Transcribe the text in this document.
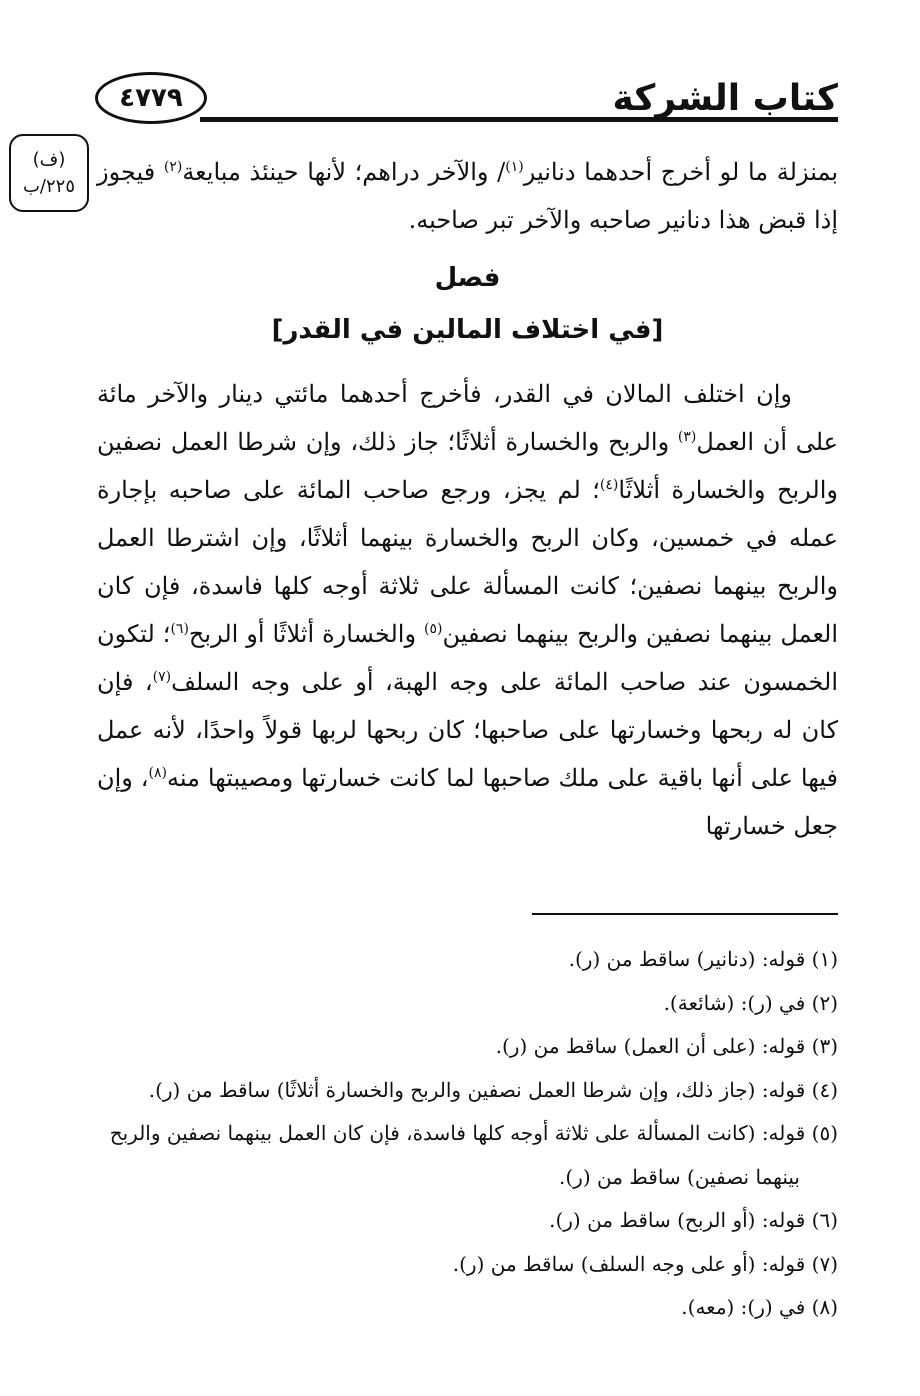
كتاب الشركة
٤٧٧٩
(ف)
٢٢٥/ب

بمنزلة ما لو أخرج أحدهما دنانير$^{(١)}$/ والآخر دراهم؛ لأنها حينئذ مبايعة$^{(٢)}$ فيجوز إذا قبض هذا دنانير صاحبه والآخر تبر صاحبه.

فصل
[في اختلاف المالين في القدر]

وإن اختلف المالان في القدر، فأخرج أحدهما مائتي دينار والآخر مائة على أن العمل$^{(٣)}$ والربح والخسارة أثلاثًا؛ جاز ذلك، وإن شرطا العمل نصفين والربح والخسارة أثلاثًا$^{(٤)}$؛ لم يجز، ورجع صاحب المائة على صاحبه بإجارة عمله في خمسين، وكان الربح والخسارة بينهما أثلاثًا، وإن اشترطا العمل والربح بينهما نصفين؛ كانت المسألة على ثلاثة أوجه كلها فاسدة، فإن كان العمل بينهما نصفين والربح بينهما نصفين$^{(٥)}$ والخسارة أثلاثًا أو الربح$^{(٦)}$؛ لتكون الخمسون عند صاحب المائة على وجه الهبة، أو على وجه السلف$^{(٧)}$، فإن كان له ربحها وخسارتها على صاحبها؛ كان ربحها لربها قولاً واحدًا، لأنه عمل فيها على أنها باقية على ملك صاحبها لما كانت خسارتها ومصيبتها منه$^{(٨)}$، وإن جعل خسارتها

(١) قوله: (دنانير) ساقط من (ر).

(٢) في (ر): (شائعة).

(٣) قوله: (على أن العمل) ساقط من (ر).

(٤) قوله: (جاز ذلك، وإن شرطا العمل نصفين والربح والخسارة أثلاثًا) ساقط من (ر).

(٥) قوله: (كانت المسألة على ثلاثة أوجه كلها فاسدة، فإن كان العمل بينهما نصفين والربح بينهما نصفين) ساقط من (ر).

(٦) قوله: (أو الربح) ساقط من (ر).

(٧) قوله: (أو على وجه السلف) ساقط من (ر).

(٨) في (ر): (معه).
